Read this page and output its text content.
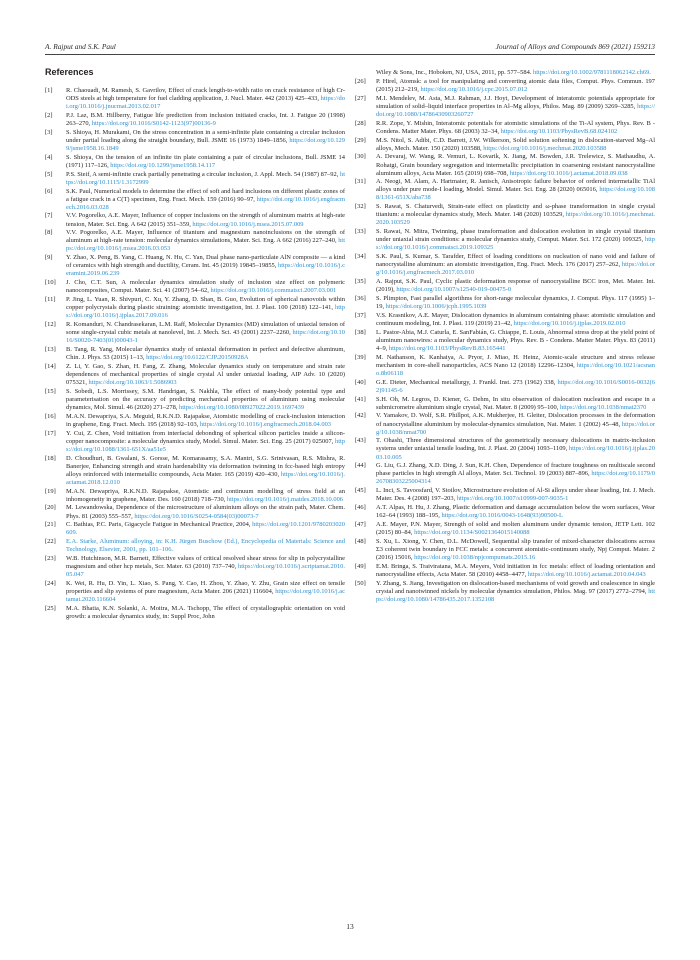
A. Rajput and S.K. Paul	Journal of Alloys and Compounds 869 (2021) 159213
References
[1] R. Chaouadi, M. Ramesh, S. Gavrilov, Effect of crack length-to-width ratio on crack resistance of high Cr-ODS steels at high temperature for fuel cladding application, J. Nucl. Mater. 442 (2013) 425–433, https://doi.org/10.1016/j.jnucmat.2013.02.017
[2] P.J. Laz, B.M. Hillberry, Fatigue life prediction from inclusion initiated cracks, Int. J. Fatigue 20 (1998) 263–270, https://doi.org/10.1016/S0142-1123(97)00136-9
[3] S. Shioya, H. Murakami, On the stress concentration in a semi-infinite plate containing a circular inclusion under partial loading along the straight boundary, Bull. JSME 16 (1973) 1849–1856, https://doi.org/10.1299/jsme1958.16.1849
[4] S. Shioya, On the tension of an infinite tin plate containing a pair of circular inclusions, Bull. JSME 14 (1971) 117–126, https://doi.org/10.1299/jsme1958.14.117
[5] P.S. Steif, A semi-infinite crack partially penetrating a circular inclusion, J. Appl. Mech. 54 (1987) 87–92, https://doi.org/10.1115/1.3172999
[6] S.K. Paul, Numerical models to determine the effect of soft and hard inclusions on different plastic zones of a fatigue crack in a C(T) specimen, Eng. Fract. Mech. 159 (2016) 90–97, https://doi.org/10.1016/j.engfracmech.2016.03.028
[7] V.V. Pogorelko, A.E. Mayer, Influence of copper inclusions on the strength of aluminum matrix at high-rate tension, Mater. Sci. Eng. A 642 (2015) 351–359, https://doi.org/10.1016/j.msea.2015.07.009
[8] V.V. Pogorelko, A.E. Mayer, Influence of titanium and magnesium nanoinclusions on the strength of aluminum at high-rate tension: molecular dynamics simulations, Mater. Sci. Eng. A 662 (2016) 227–240, https://doi.org/10.1016/j.msea.2016.03.053
[9] Y. Zhao, X. Peng, B. Yang, C. Huang, N. Hu, C. Yan, Dual phase nano-particulate AlN composite — a kind of ceramics with high strength and ductility, Ceram. Int. 45 (2019) 19845–19855, https://doi.org/10.1016/j.ceramint.2019.06.239
[10] J. Cho, C.T. Sun, A molecular dynamics simulation study of inclusion size effect on polymeric nanocomposites, Comput. Mater. Sci. 41 (2007) 54–62, https://doi.org/10.1016/j.commatsci.2007.03.001
[11] P. Jing, L. Yuan, R. Shivpuri, C. Xu, Y. Zhang, D. Shan, B. Guo, Evolution of spherical nanovoids within copper polycrystals during plastic straining: atomistic investigation, Int. J. Plast. 100 (2018) 122–141, https://doi.org/10.1016/j.ijplas.2017.09.016
[12] R. Komanduri, N. Chandrasekaran, L.M. Raff, Molecular Dynamics (MD) simulation of uniaxial tension of some single-crystal cubic metals at nanolevel, Int. J. Mech. Sci. 43 (2001) 2237–2260, https://doi.org/10.1016/S0020-7403(01)00043-1
[13] B. Tang, R. Yang, Molecular dynamics study of uniaxial deformation in perfect and defective aluminum, Chin. J. Phys. 53 (2015) 1–13, https://doi.org/10.6122/CJP.20150928A
[14] Z. Li, Y. Gao, S. Zhan, H. Fang, Z. Zhang, Molecular dynamics study on temperature and strain rate dependences of mechanical properties of single crystal Al under uniaxial loading, AIP Adv. 10 (2020) 075321, https://doi.org/10.1063/1.5086903
[15] S. Sobedi, L.S. Morrissey, S.M. Handrigan, S. Nakhla, The effect of many-body potential type and parameterisation on the accuracy of predicting mechanical properties of aluminium using molecular dynamics, Mol. Simul. 46 (2020) 271–278, https://doi.org/10.1080/08927022.2019.1697439
[16] M.A.N. Dewapriya, S.A. Meguid, R.K.N.D. Rajapakse, Atomistic modelling of crack-inclusion interaction in graphene, Eng. Fract. Mech. 195 (2018) 92–103, https://doi.org/10.1016/j.engfracmech.2018.04.003
[17] Y. Cui, Z. Chen, Void initiation from interfacial debonding of spherical silicon particles inside a silicon-copper nanocomposite: a molecular dynamics study, Model. Simul. Mater. Sci. Eng. 25 (2017) 025007, https://doi.org/10.1088/1361-651X/aa51e5
[18] D. Choudhuri, B. Gwalani, S. Gorsse, M. Komarasamy, S.A. Mantri, S.G. Srinivasan, R.S. Mishra, R. Banerjee, Enhancing strength and strain hardenability via deformation twinning in fcc-based high entropy alloys reinforced with intermetallic compounds, Acta Mater. 165 (2019) 420–430, https://doi.org/10.1016/j.actamat.2018.12.010
[19] M.A.N. Dewapriya, R.K.N.D. Rajapakse, Atomistic and continuum modelling of stress field at an inhomogeneity in graphene, Mater. Des. 160 (2018) 718–730, https://doi.org/10.1016/j.matdes.2018.10.006
[20] M. Lewandowska, Dependence of the microstructure of aluminium alloys on the strain path, Mater. Chem. Phys. 81 (2003) 555–557, https://doi.org/10.1016/S0254-0584(03)00073-7
[21] C. Bathias, P.C. Paris, Gigacycle Fatigue in Mechanical Practice, 2004, https://doi.org/10.1201/9780203020609.
[22] E.A. Starke, Aluminum: alloying, in: K.H. Jürgen Buschow (Ed.), Encyclopedia of Materials: Science and Technology, Elsevier, 2001, pp. 101–106.
[23] W.B. Hutchinson, M.R. Barnett, Effective values of critical resolved shear stress for slip in polycrystalline magnesium and other hcp metals, Scr. Mater. 63 (2010) 737–740, https://doi.org/10.1016/j.scriptamat.2010.05.047
[24] K. Wei, R. Hu, D. Yin, L. Xiao, S. Pang, Y. Cao, H. Zhou, Y. Zhao, Y. Zhu, Grain size effect on tensile properties and slip systems of pure magnesium, Acta Mater. 206 (2021) 116604, https://doi.org/10.1016/j.actamat.2020.116604
[25] M.A. Bhatia, K.N. Solanki, A. Moitra, M.A. Tschopp, The effect of crystallographic orientation on void growth: a molecular dynamics study, in: Suppl Proc, John
Wiley & Sons, Inc., Hoboken, NJ, USA, 2011, pp. 577–584. https://doi.org/10.1002/9781118062142.ch69.
[26] P. Hirel, Atomsk: a tool for manipulating and converting atomic data files, Comput. Phys. Commun. 197 (2015) 212–219, https://doi.org/10.1016/j.cpc.2015.07.012
[27] M.I. Mendelev, M. Asta, M.J. Rahman, J.J. Hoyt, Development of interatomic potentials appropriate for simulation of solid–liquid interface properties in Al–Mg alloys, Philos. Mag. 89 (2009) 3269–3285, https://doi.org/10.1080/14786430903260727
[28] R.R. Zope, Y. Mishin, Interatomic potentials for atomistic simulations of the Ti-Al system, Phys. Rev. B - Condens. Matter Mater. Phys. 68 (2003) 32–34, https://doi.org/10.1103/PhysRevB.68.024102
[29] M.S. Nitol, S. Adibi, C.D. Barrett, J.W. Wilkerson, Solid solution softening in dislocation-starved Mg–Al alloys, Mech. Mater. 150 (2020) 103588, https://doi.org/10.1016/j.mechmat.2020.103588
[30] A. Devaraj, W. Wang, R. Vemuri, L. Kovarik, X. Jiang, M. Bowden, J.R. Trelewicz, S. Mathaudhu, A. Rohatgi, Grain boundary segregation and intermetallic precipitation in coarsening resistant nanocrystalline aluminum alloys, Acta Mater. 165 (2019) 698–708, https://doi.org/10.1016/j.actamat.2018.09.038
[31] A. Neogi, M. Alam, A. Hartmaier, R. Janisch, Anisotropic failure behavior of ordered intermetallic TiAl alloys under pure mode-I loading, Model. Simul. Mater. Sci. Eng. 28 (2020) 065016, https://doi.org/10.1088/1361-651X/aba738
[32] S. Rawat, S. Chaturvedi, Strain-rate effect on plasticity and ω-phase transformation in single crystal titanium: a molecular dynamics study, Mech. Mater. 148 (2020) 103529, https://doi.org/10.1016/j.mechmat.2020.103529
[33] S. Rawat, N. Mitra, Twinning, phase transformation and dislocation evolution in single crystal titanium under uniaxial strain conditions: a molecular dynamics study, Comput. Mater. Sci. 172 (2020) 109325, https://doi.org/10.1016/j.commatsci.2019.109325
[34] S.K. Paul, S. Kumar, S. Tarafder, Effect of loading conditions on nucleation of nano void and failure of nanocrystalline aluminum: an atomistic investigation, Eng. Fract. Mech. 176 (2017) 257–262, https://doi.org/10.1016/j.engfracmech.2017.03.010
[35] A. Rajput, S.K. Paul, Cyclic plastic deformation response of nanocrystalline BCC iron, Met. Mater. Int. (2019), https://doi.org/10.1007/s12540-019-00475-0
[36] S. Plimpton, Fast parallel algorithms for short-range molecular dynamics, J. Comput. Phys. 117 (1995) 1–19, https://doi.org/10.1006/jcph.1995.1039
[37] V.S. Krasnikov, A.E. Mayer, Dislocation dynamics in aluminum containing phase: atomistic simulation and continuum modeling, Int. J. Plast. 119 (2019) 21–42, https://doi.org/10.1016/j.ijplas.2019.02.010
[38] L. Pastor-Abia, M.J. Caturla, E. SanFabián, G. Chiappe, E. Louis, Abnormal stress drop at the yield point of aluminum nanowires: a molecular dynamics study, Phys. Rev. B - Condens. Matter Mater. Phys. 83 (2011) 4–9, https://doi.org/10.1103/PhysRevB.83.165441
[39] M. Nathanson, K. Kanhaiya, A. Pryor, J. Miao, H. Heinz, Atomic-scale structure and stress release mechanism in core-shell nanoparticles, ACS Nano 12 (2018) 12296–12304, https://doi.org/10.1021/acsnano.8b06118
[40] G.E. Dieter, Mechanical metallurgy, J. Frankl. Inst. 273 (1962) 338, https://doi.org/10.1016/S0016-0032(62)91145-6
[41] S.H. Oh, M. Legros, D. Kiener, G. Dehm, In situ observation of dislocation nucleation and escape in a submicrometre aluminium single crystal, Nat. Mater. 8 (2009) 95–100, https://doi.org/10.1038/nmat2370
[42] V. Yamakov, D. Wolf, S.R. Phillpot, A.K. Mukherjee, H. Gleiter, Dislocation processes in the deformation of nanocrystalline aluminium by molecular-dynamics simulation, Nat. Mater. 1 (2002) 45–48, https://doi.org/10.1038/nmat700
[43] T. Ohashi, Three dimensional structures of the geometrically necessary dislocations in matrix-inclusion systems under uniaxial tensile loading, Int. J. Plast. 20 (2004) 1093–1109, https://doi.org/10.1016/j.ijplas.2003.10.005
[44] G. Liu, G.J. Zhang, X.D. Ding, J. Sun, K.H. Chen, Dependence of fracture toughness on multiscale second phase particles in high strength Al alloys, Mater. Sci. Technol. 19 (2003) 887–896, https://doi.org/10.1179/026708303225004314
[45] L. Inci, S. Tavoosfard, V. Stoilov, Microstructure evolution of Al-Si alloys under shear loading, Int. J. Mech. Mater. Des. 4 (2008) 197–203, https://doi.org/10.1007/s10999-007-9035-1
[46] A.T. Alpas, H. Hu, J. Zhang, Plastic deformation and damage accumulation below the worn surfaces, Wear 162–64 (1993) 188–195, https://doi.org/10.1016/0043-1648(93)90500-L
[47] A.E. Mayer, P.N. Mayer, Strength of solid and molten aluminum under dynamic tension, JETP Lett. 102 (2015) 80–84, https://doi.org/10.1134/S0021364015140088
[48] S. Xu, L. Xiong, Y. Chen, D.L. McDowell, Sequential slip transfer of mixed-character dislocations across Σ3 coherent twin boundary in FCC metals: a concurrent atomistic-continuum study, Npj Comput. Mater. 2 (2016) 15016, https://doi.org/10.1038/npjcompumats.2015.16
[49] E.M. Bringa, S. Traiviratana, M.A. Meyers, Void initiation in fcc metals: effect of loading orientation and nanocrystalline effects, Acta Mater. 58 (2010) 4458–4477, https://doi.org/10.1016/j.actamat.2010.04.043
[50] Y. Zhang, S. Jiang, Investigation on dislocation-based mechanisms of void growth and coalescence in single crystal and nanotwinned nickels by molecular dynamics simulation, Philos. Mag. 97 (2017) 2772–2794, https://doi.org/10.1080/14786435.2017.1352108
13
